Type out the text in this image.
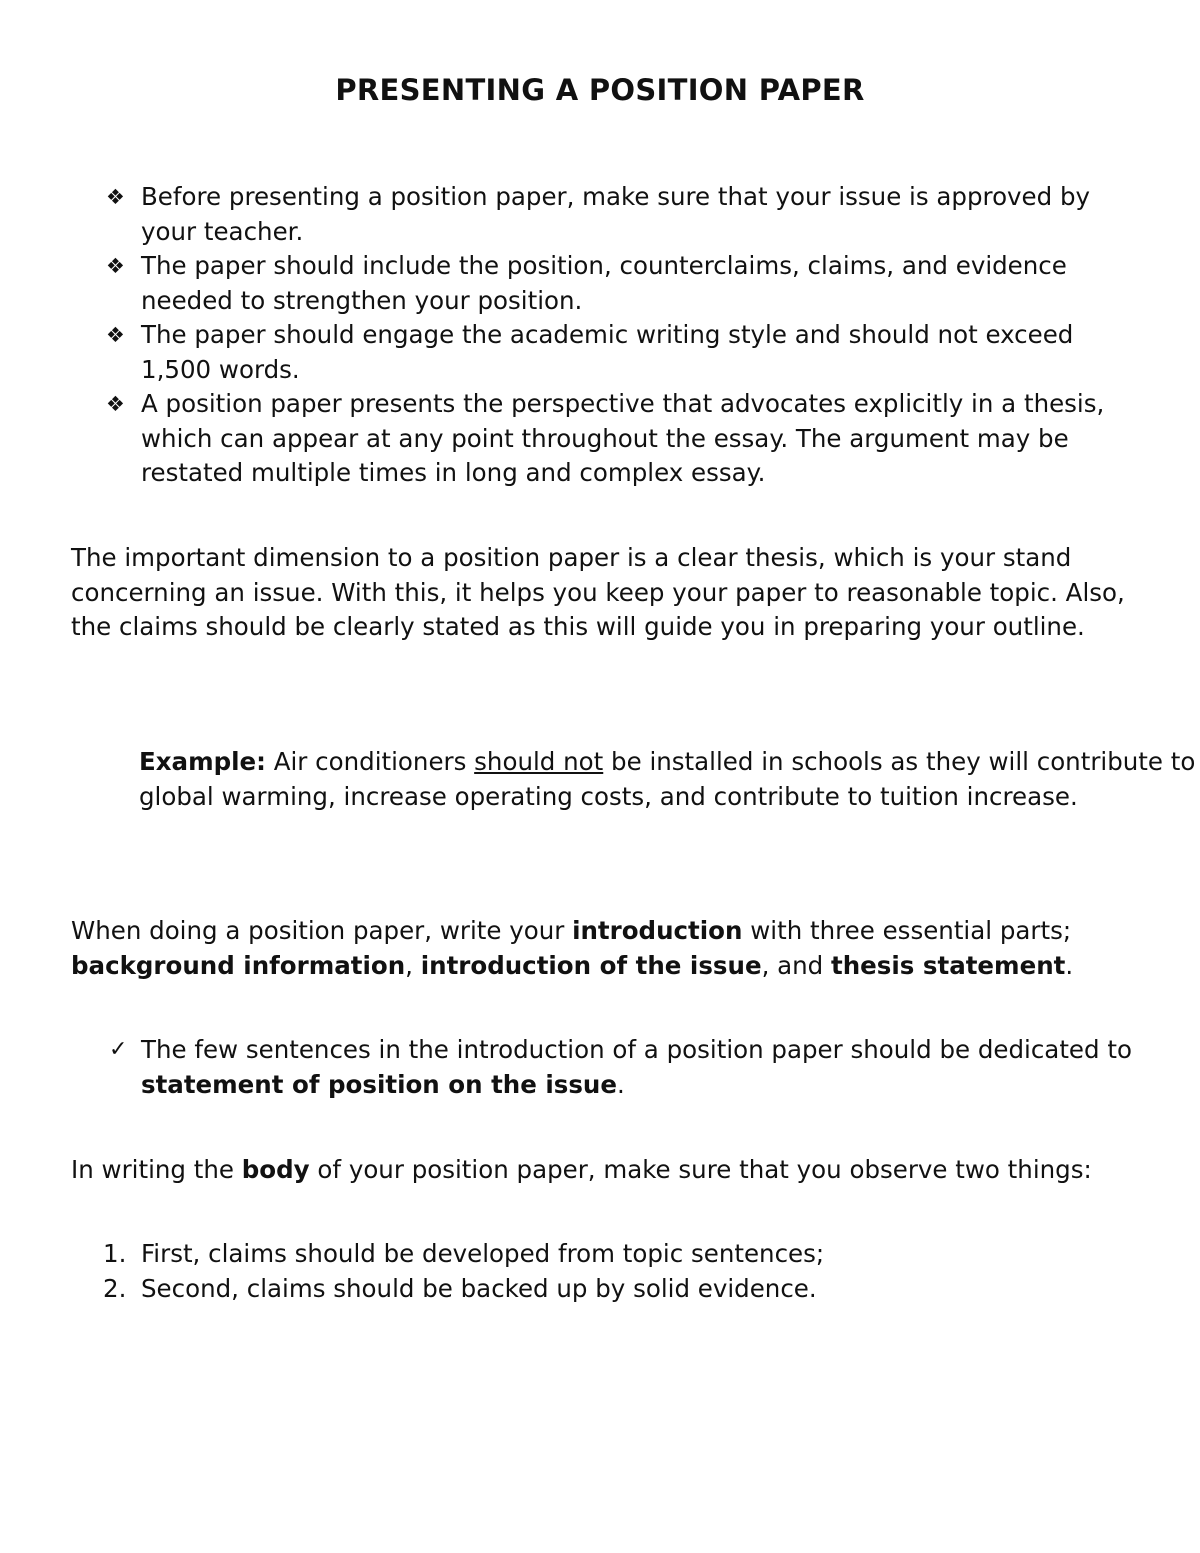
PRESENTING A POSITION PAPER
❖ Before presenting a position paper, make sure that your issue is approved by your teacher.
❖ The paper should include the position, counterclaims, claims, and evidence needed to strengthen your position.
❖ The paper should engage the academic writing style and should not exceed 1,500 words.
❖ A position paper presents the perspective that advocates explicitly in a thesis, which can appear at any point throughout the essay. The argument may be restated multiple times in long and complex essay.

The important dimension to a position paper is a clear thesis, which is your stand concerning an issue. With this, it helps you keep your paper to reasonable topic. Also, the claims should be clearly stated as this will guide you in preparing your outline.

Example: Air conditioners should not be installed in schools as they will contribute to global warming, increase operating costs, and contribute to tuition increase.

When doing a position paper, write your introduction with three essential parts; background information, introduction of the issue, and thesis statement.

✓ The few sentences in the introduction of a position paper should be dedicated to statement of position on the issue.

In writing the body of your position paper, make sure that you observe two things:

1. First, claims should be developed from topic sentences;
2. Second, claims should be backed up by solid evidence.
